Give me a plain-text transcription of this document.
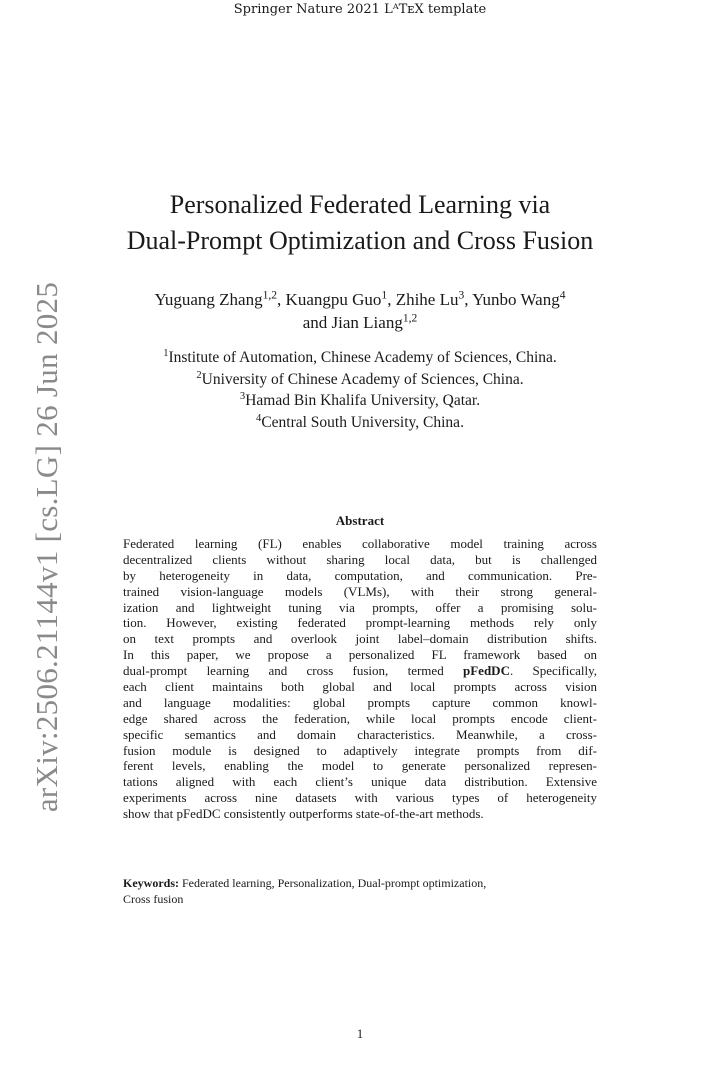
Springer Nature 2021 LᴬTᴇX template
arXiv:2506.21144v1 [cs.LG] 26 Jun 2025
Personalized Federated Learning via
Dual-Prompt Optimization and Cross Fusion
Yuguang Zhang$^{1,2}$, Kuangpu Guo$^1$, Zhihe Lu$^3$, Yunbo Wang$^4$
and Jian Liang$^{1,2}$
$^1$Institute of Automation, Chinese Academy of Sciences, China.
$^2$University of Chinese Academy of Sciences, China.
$^3$Hamad Bin Khalifa University, Qatar.
$^4$Central South University, China.
Abstract
Federated learning (FL) enables collaborative model training across
decentralized clients without sharing local data, but is challenged
by heterogeneity in data, computation, and communication. Pre-
trained vision-language models (VLMs), with their strong general-
ization and lightweight tuning via prompts, offer a promising solu-
tion. However, existing federated prompt-learning methods rely only
on text prompts and overlook joint label–domain distribution shifts.
In this paper, we propose a personalized FL framework based on
dual-prompt learning and cross fusion, termed pFedDC. Specifically,
each client maintains both global and local prompts across vision
and language modalities: global prompts capture common knowl-
edge shared across the federation, while local prompts encode client-
specific semantics and domain characteristics. Meanwhile, a cross-
fusion module is designed to adaptively integrate prompts from dif-
ferent levels, enabling the model to generate personalized represen-
tations aligned with each client’s unique data distribution. Extensive
experiments across nine datasets with various types of heterogeneity
show that pFedDC consistently outperforms state-of-the-art methods.
Keywords: Federated learning, Personalization, Dual-prompt optimization,
Cross fusion
1
